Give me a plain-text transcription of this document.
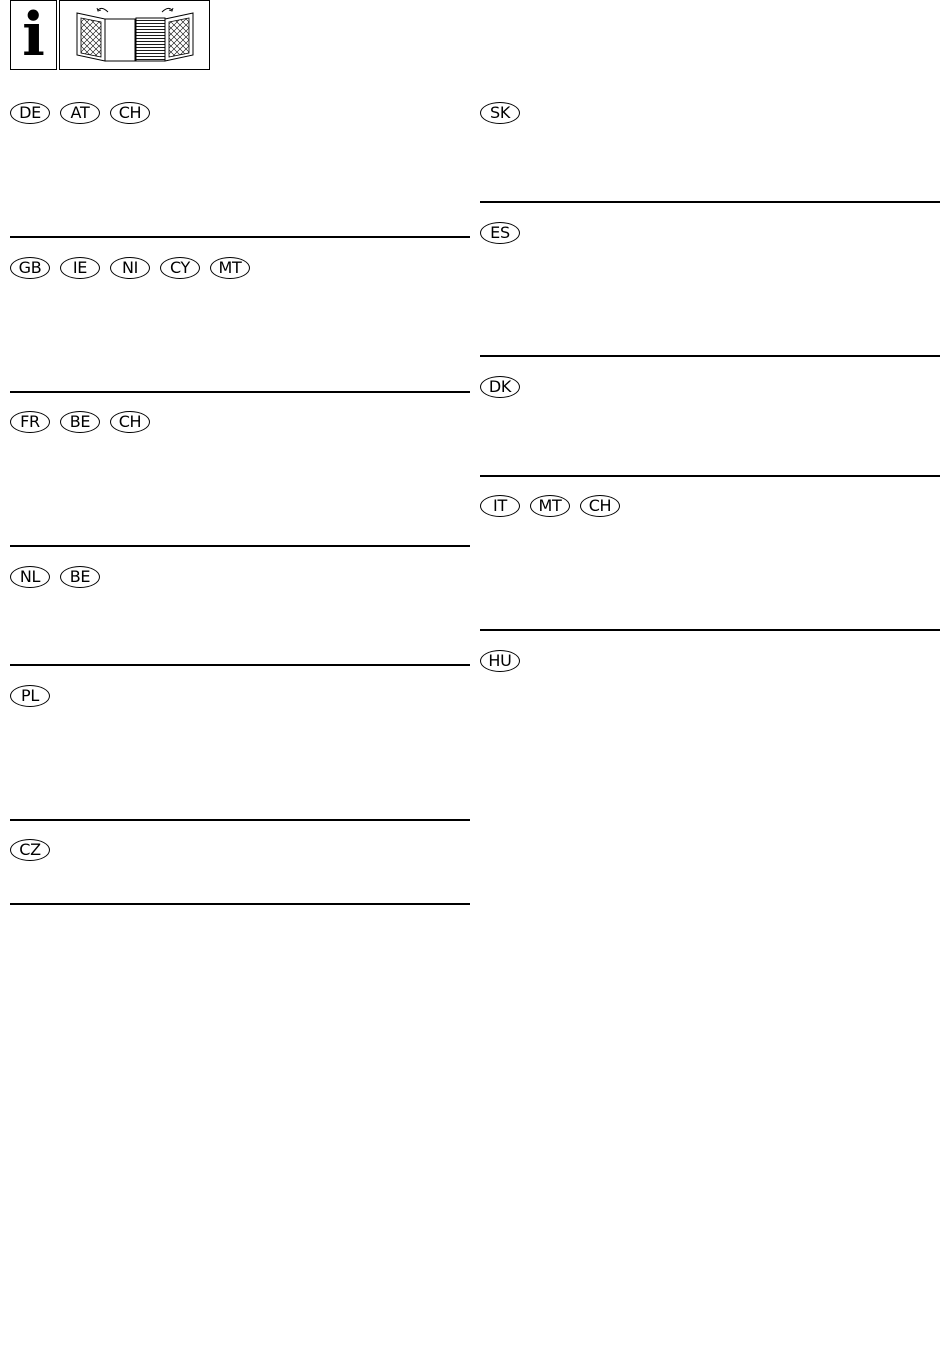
i
DE	AT	CH
GB	IE	NI	CY	MT
FR	BE	CH
NL	BE
PL
CZ
SK
ES
DK
IT	MT	CH
HU
